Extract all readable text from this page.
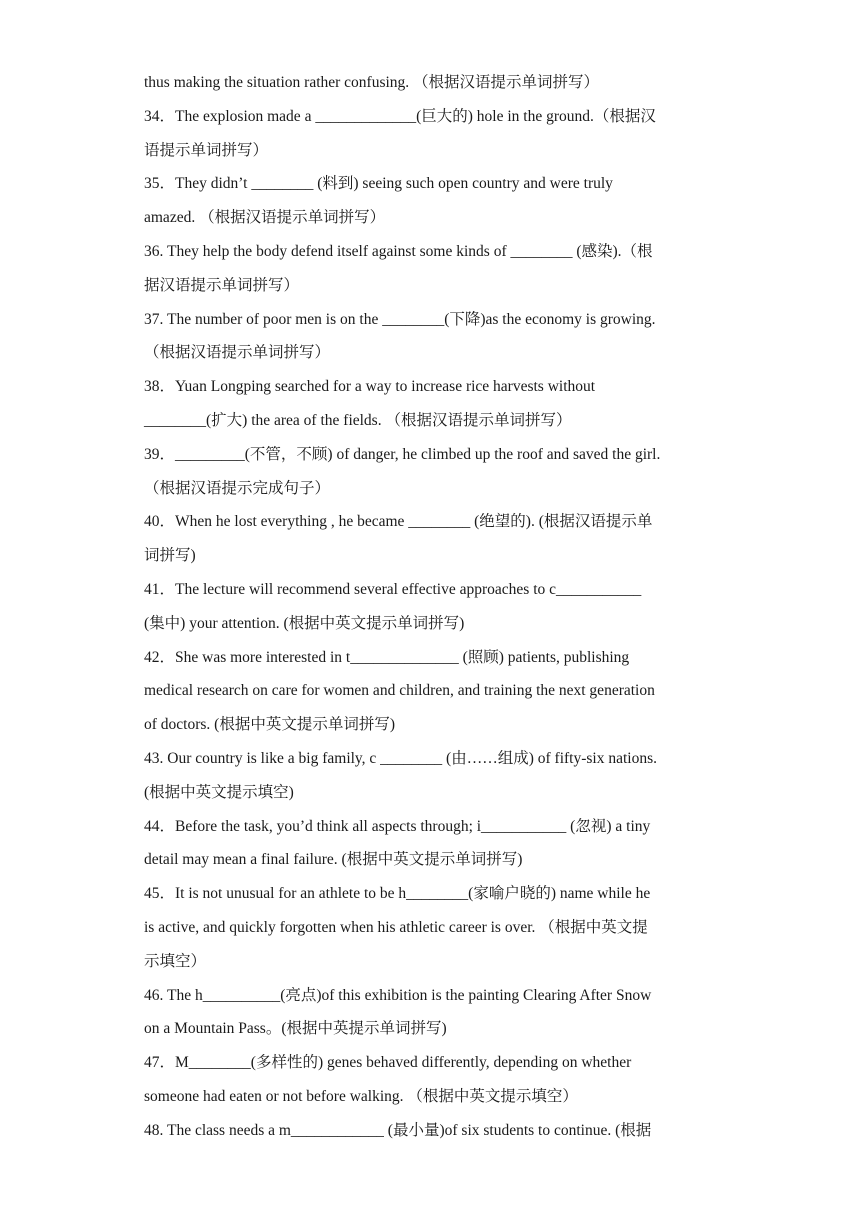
thus making the situation rather confusing. （根据汉语提示单词拼写）
34．The explosion made a _____________(巨大的) hole in the ground.（根据汉
语提示单词拼写）
35．They didn’t ________ (料到) seeing such open country and were truly
amazed. （根据汉语提示单词拼写）
36. They help the body defend itself against some kinds of ________ (感染).（根
据汉语提示单词拼写）
37. The number of poor men is on the ________(下降)as the economy is growing.
（根据汉语提示单词拼写）
38．Yuan Longping searched for a way to increase rice harvests without
________(扩大) the area of the fields. （根据汉语提示单词拼写）
39．_________(不管，不顾) of danger, he climbed up the roof and saved the girl.
（根据汉语提示完成句子）
40．When he lost everything , he became ________ (绝望的). (根据汉语提示单
词拼写)
41．The lecture will recommend several effective approaches to c___________
(集中) your attention. (根据中英文提示单词拼写)
42．She was more interested in t______________ (照顾) patients, publishing
medical research on care for women and children, and training the next generation
of doctors. (根据中英文提示单词拼写)
43. Our country is like a big family, c ________ (由……组成) of fifty-six nations.
(根据中英文提示填空)
44．Before the task, you’d think all aspects through; i___________ (忽视) a tiny
detail may mean a final failure. (根据中英文提示单词拼写)
45．It is not unusual for an athlete to be h________(家喻户晓的) name while he
is active, and quickly forgotten when his athletic career is over. （根据中英文提
示填空）
46. The h__________(亮点)of this exhibition is the painting Clearing After Snow
on a Mountain Pass。(根据中英提示单词拼写)
47．M________(多样性的) genes behaved differently, depending on whether
someone had eaten or not before walking. （根据中英文提示填空）
48. The class needs a m____________ (最小量)of six students to continue. (根据
